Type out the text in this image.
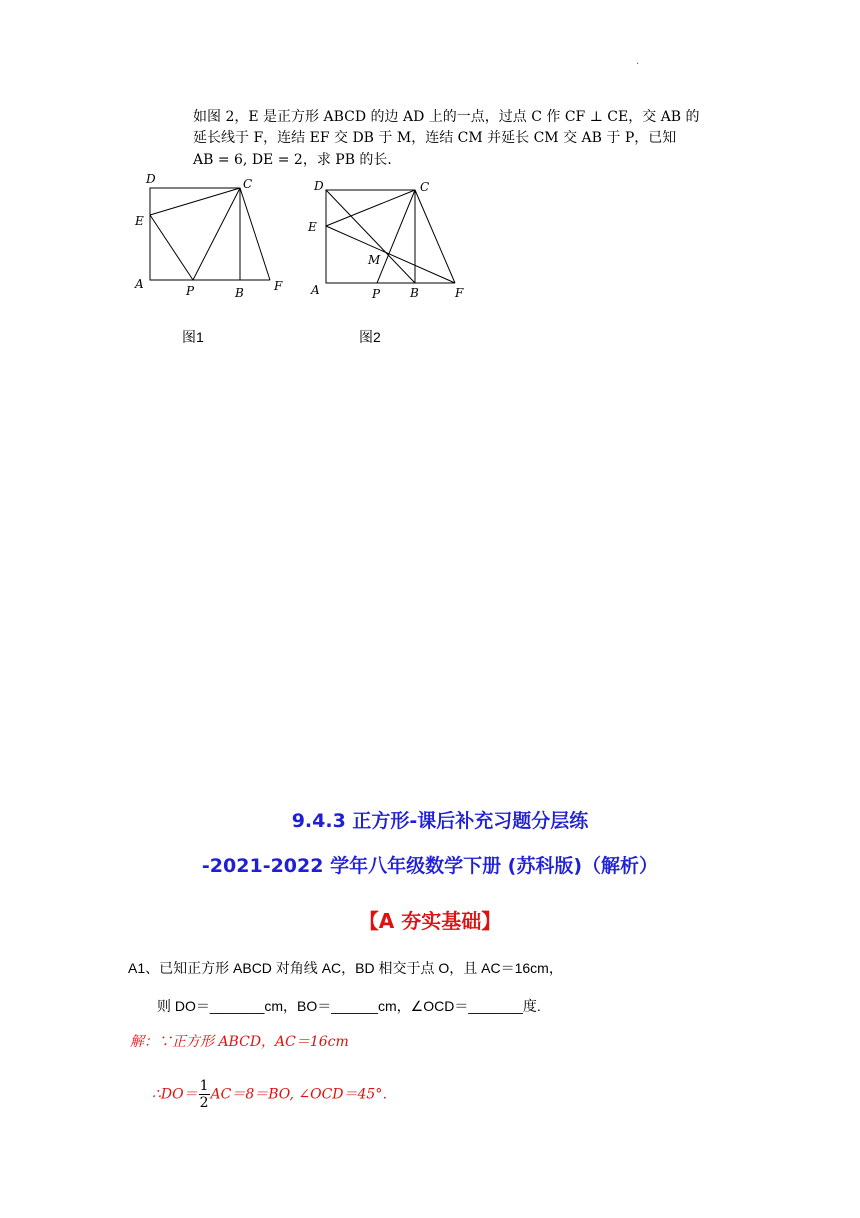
.
如图 2，E 是正方形 ABCD 的边 AD 上的一点，过点 C 作 CF ⊥ CE，交 AB 的
延长线于 F，连结 EF 交 DB 于 M，连结 CM 并延长 CM 交 AB 于 P，已知
AB = 6, DE = 2，求 PB 的长．
D	C
E
A	P	B	F
D	C
E
M
A	P B	F
图1	图2
9.4.3 正方形-课后补充习题分层练
-2021-2022 学年八年级数学下册 (苏科版)（解析）
【A 夯实基础】
A1、已知正方形 ABCD 对角线 AC，BD 相交于点 O，且 AC＝16cm，
则 DO＝_______cm，BO＝______cm，∠OCD＝_______度.
解：∵正方形 ABCD，AC＝16cm
∴DO＝ $\frac{1}{2} AC=8=BO$, ∠OCD＝45°．
